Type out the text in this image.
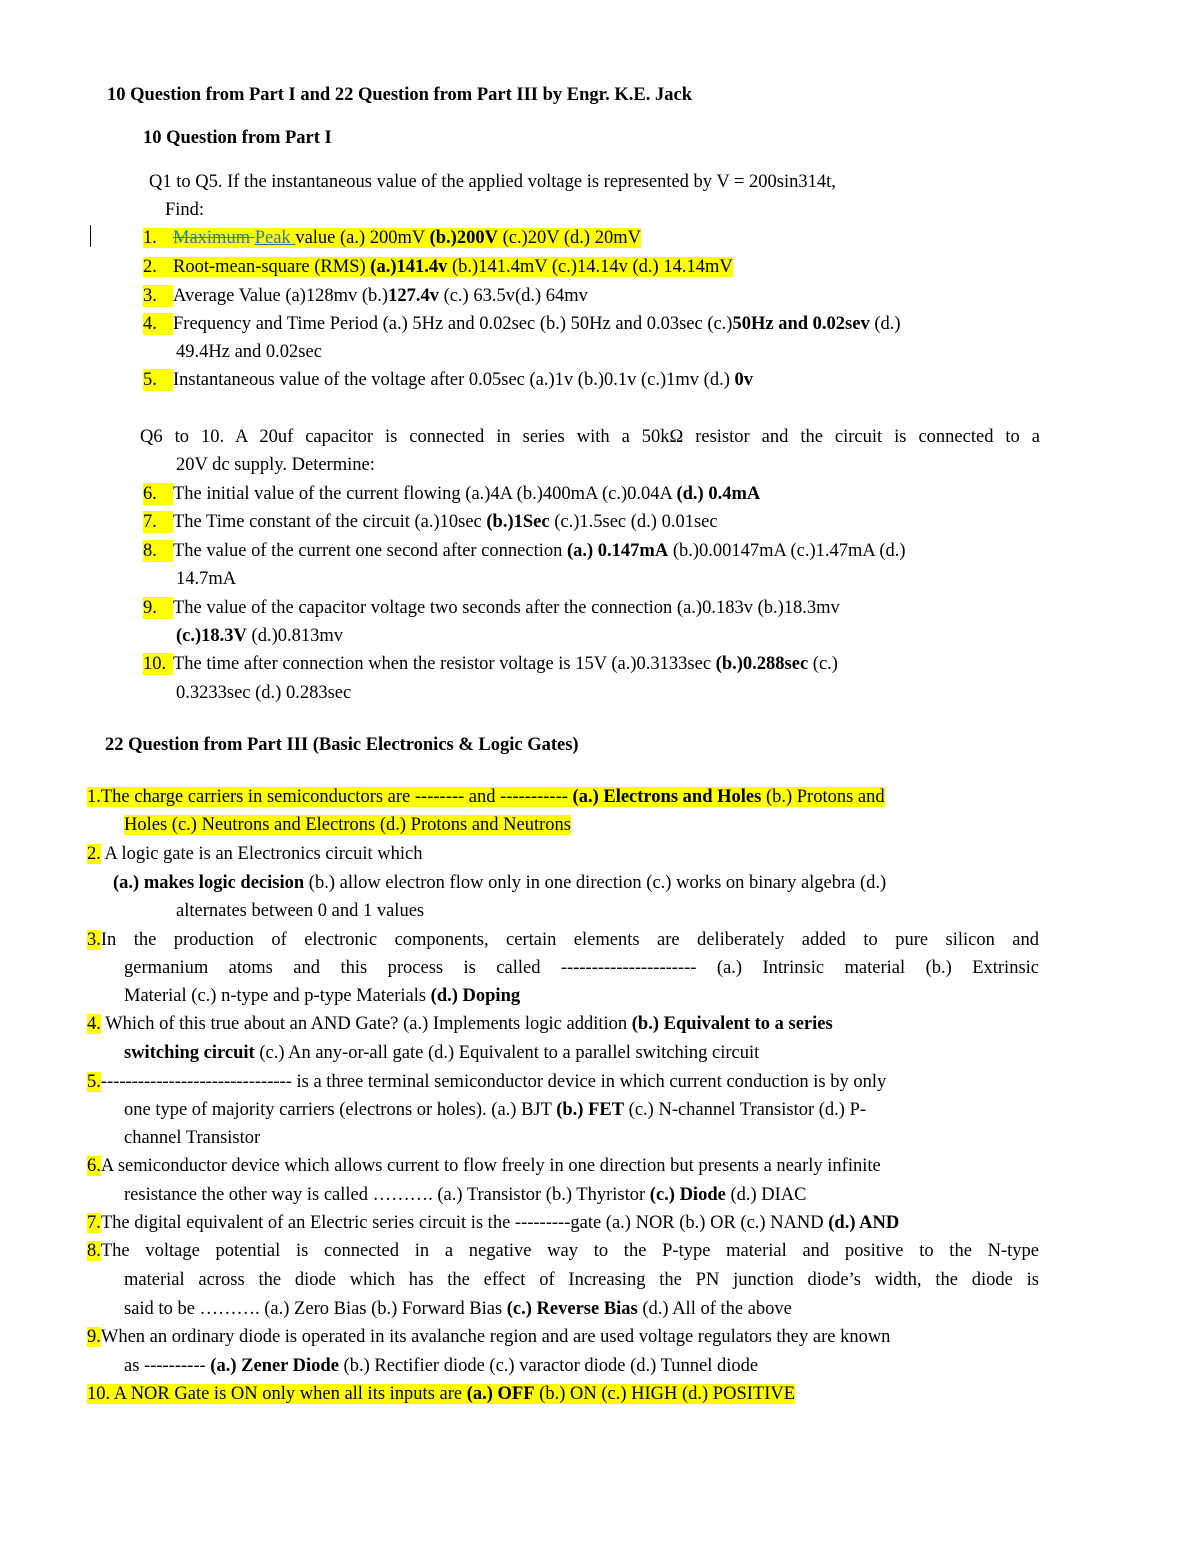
10 Question from Part I and 22 Question from Part III by Engr. K.E. Jack
10 Question from Part I
Q1 to Q5. If the instantaneous value of the applied voltage is represented by V = 200sin314t,
Find:
1. Maximum Peak value (a.) 200mV (b.)200V (c.)20V (d.) 20mV
2. Root-mean-square (RMS) (a.)141.4v (b.)141.4mV (c.)14.14v (d.) 14.14mV
3. Average Value (a)128mv (b.)127.4v (c.) 63.5v(d.) 64mv
4. Frequency and Time Period (a.) 5Hz and 0.02sec (b.) 50Hz and 0.03sec (c.)50Hz and 0.02sev (d.)
49.4Hz and 0.02sec
5. Instantaneous value of the voltage after 0.05sec (a.)1v (b.)0.1v (c.)1mv (d.) 0v
Q6 to 10. A 20uf capacitor is connected in series with a 50kΩ resistor and the circuit is connected to a
20V dc supply. Determine:
6. The initial value of the current flowing (a.)4A (b.)400mA (c.)0.04A (d.) 0.4mA
7. The Time constant of the circuit (a.)10sec (b.)1Sec (c.)1.5sec (d.) 0.01sec
8. The value of the current one second after connection (a.) 0.147mA (b.)0.00147mA (c.)1.47mA (d.)
14.7mA
9. The value of the capacitor voltage two seconds after the connection (a.)0.183v (b.)18.3mv
(c.)18.3V (d.)0.813mv
10. The time after connection when the resistor voltage is 15V (a.)0.3133sec (b.)0.288sec (c.)
0.3233sec (d.) 0.283sec
22 Question from Part III (Basic Electronics & Logic Gates)
1.The charge carriers in semiconductors are -------- and ----------- (a.) Electrons and Holes (b.) Protons and
Holes (c.) Neutrons and Electrons (d.) Protons and Neutrons
2. A logic gate is an Electronics circuit which
(a.) makes logic decision (b.) allow electron flow only in one direction (c.) works on binary algebra (d.)
alternates between 0 and 1 values
3.In the production of electronic components, certain elements are deliberately added to pure silicon and
germanium atoms and this process is called ---------------------- (a.) Intrinsic material (b.) Extrinsic
Material (c.) n-type and p-type Materials (d.) Doping
4. Which of this true about an AND Gate? (a.) Implements logic addition (b.) Equivalent to a series
switching circuit (c.) An any-or-all gate (d.) Equivalent to a parallel switching circuit
5.------------------------------- is a three terminal semiconductor device in which current conduction is by only
one type of majority carriers (electrons or holes). (a.) BJT (b.) FET (c.) N-channel Transistor (d.) P-
channel Transistor
6.A semiconductor device which allows current to flow freely in one direction but presents a nearly infinite
resistance the other way is called ………. (a.) Transistor (b.) Thyristor (c.) Diode (d.) DIAC
7.The digital equivalent of an Electric series circuit is the ---------gate (a.) NOR (b.) OR (c.) NAND (d.) AND
8.The voltage potential is connected in a negative way to the P-type material and positive to the N-type
material across the diode which has the effect of Increasing the PN junction diode’s width, the diode is
said to be ………. (a.) Zero Bias (b.) Forward Bias (c.) Reverse Bias (d.) All of the above
9.When an ordinary diode is operated in its avalanche region and are used voltage regulators they are known
as ---------- (a.) Zener Diode (b.) Rectifier diode (c.) varactor diode (d.) Tunnel diode
10. A NOR Gate is ON only when all its inputs are (a.) OFF (b.) ON (c.) HIGH (d.) POSITIVE
